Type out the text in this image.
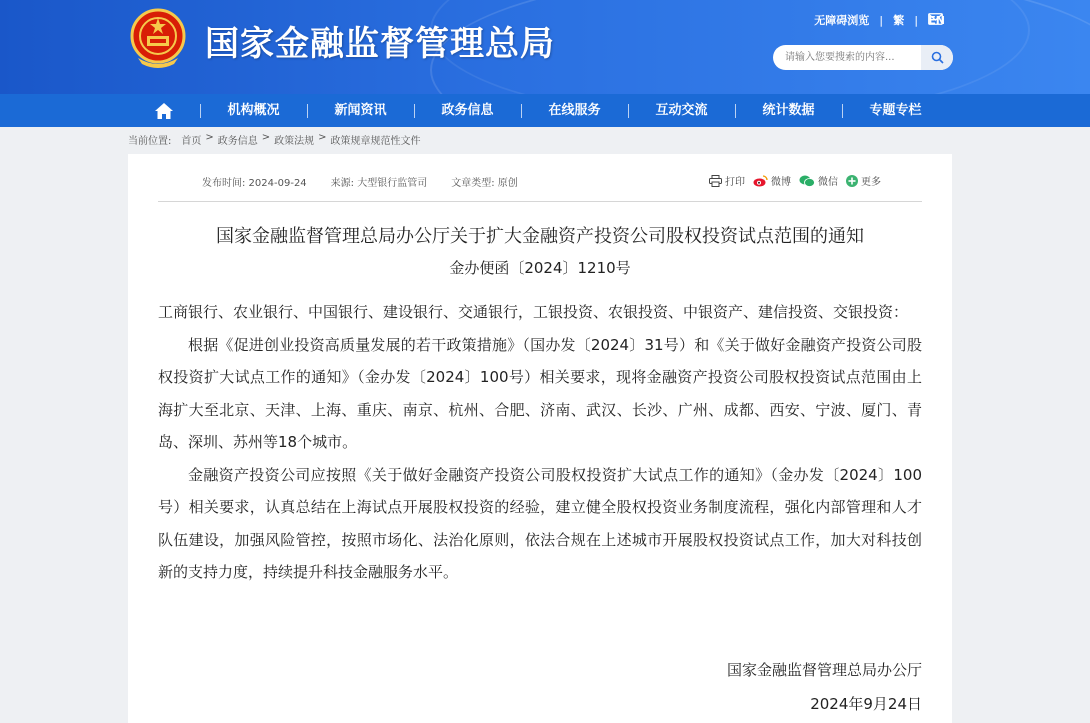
国家金融监督管理总局
无障碍浏览 | 繁 | EN
请输入您要搜索的内容...
机构概况	新闻资讯	政务信息	在线服务	互动交流	统计数据	专题专栏
当前位置: 首页 > 政务信息 > 政策法规 > 政策规章规范性文件
发布时间: 2024-09-24 来源: 大型银行监管司 文章类型: 原创	打印	微博	微信 更多
国家金融监督管理总局办公厅关于扩大金融资产投资公司股权投资试点范围的通知
金办便函〔2024〕1210号

工商银行、农业银行、中国银行、建设银行、交通银行，工银投资、农银投资、中银资产、建信投资、交银投资：

根据《促进创业投资高质量发展的若干政策措施》（国办发〔2024〕31号）和《关于做好金融资产投资公司股权投资扩大试点工作的通知》（金办发〔2024〕100号）相关要求，现将金融资产投资公司股权投资试点范围由上海扩大至北京、天津、上海、重庆、南京、杭州、合肥、济南、武汉、长沙、广州、成都、西安、宁波、厦门、青岛、深圳、苏州等18个城市。

金融资产投资公司应按照《关于做好金融资产投资公司股权投资扩大试点工作的通知》（金办发〔2024〕100号）相关要求，认真总结在上海试点开展股权投资的经验，建立健全股权投资业务制度流程，强化内部管理和人才队伍建设，加强风险管控，按照市场化、法治化原则，依法合规在上述城市开展股权投资试点工作，加大对科技创新的支持力度，持续提升科技金融服务水平。

国家金融监督管理总局办公厅
2024年9月24日
